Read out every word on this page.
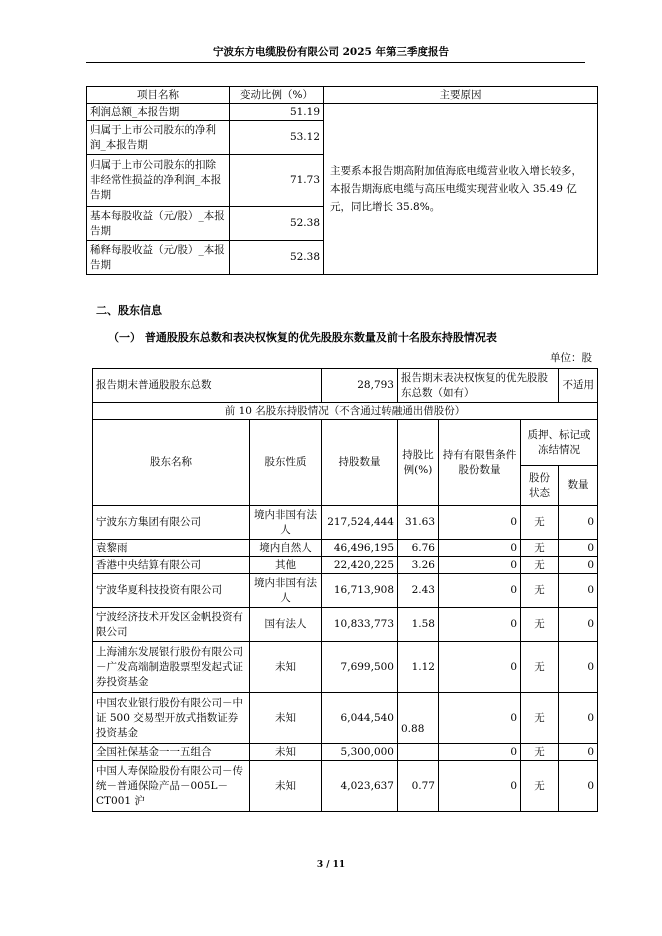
宁波东方电缆股份有限公司 2025 年第三季度报告
项目名称	变动比例（%）	主要原因
利润总额_本报告期	51.19	主要系本报告期高附加值海底电缆营业收入增长较多，本报告期海底电缆与高压电缆实现营业收入 35.49 亿元，同比增长 35.8%。
归属于上市公司股东的净利润_本报告期	53.12	
归属于上市公司股东的扣除非经常性损益的净利润_本报告期	71.73	
基本每股收益（元/股）_本报告期	52.38	
稀释每股收益（元/股）_本报告期	52.38	
二、股东信息
（一） 普通股股东总数和表决权恢复的优先股股东数量及前十名股东持股情况表
单位：股
报告期末普通股股东总数		28,793	报告期末表决权恢复的优先股股东总数（如有）			不适用
前 10 名股东持股情况（不含通过转融通出借股份）						
股东名称	股东性质	持股数量	持股比例(%)	持有有限售条件股份数量	质押、标记或冻结情况	
					股份状态	数量
宁波东方集团有限公司	境内非国有法人	217,524,444	31.63	0	无	0
袁黎雨	境内自然人	46,496,195	6.76	0	无	0
香港中央结算有限公司	其他	22,420,225	3.26	0	无	0
宁波华夏科技投资有限公司	境内非国有法人	16,713,908	2.43	0	无	0
宁波经济技术开发区金帆投资有限公司	国有法人	10,833,773	1.58	0	无	0
上海浦东发展银行股份有限公司－广发高端制造股票型发起式证券投资基金	未知	7,699,500	1.12	0	无	0
中国农业银行股份有限公司－中证 500 交易型开放式指数证券投资基金	未知	6,044,540	0.88	0	无	0
全国社保基金一一五组合	未知	5,300,000		0	无	0
中国人寿保险股份有限公司－传统－普通保险产品－005L－CT001 沪	未知	4,023,637	0.77	0	无	0
3 / 11
